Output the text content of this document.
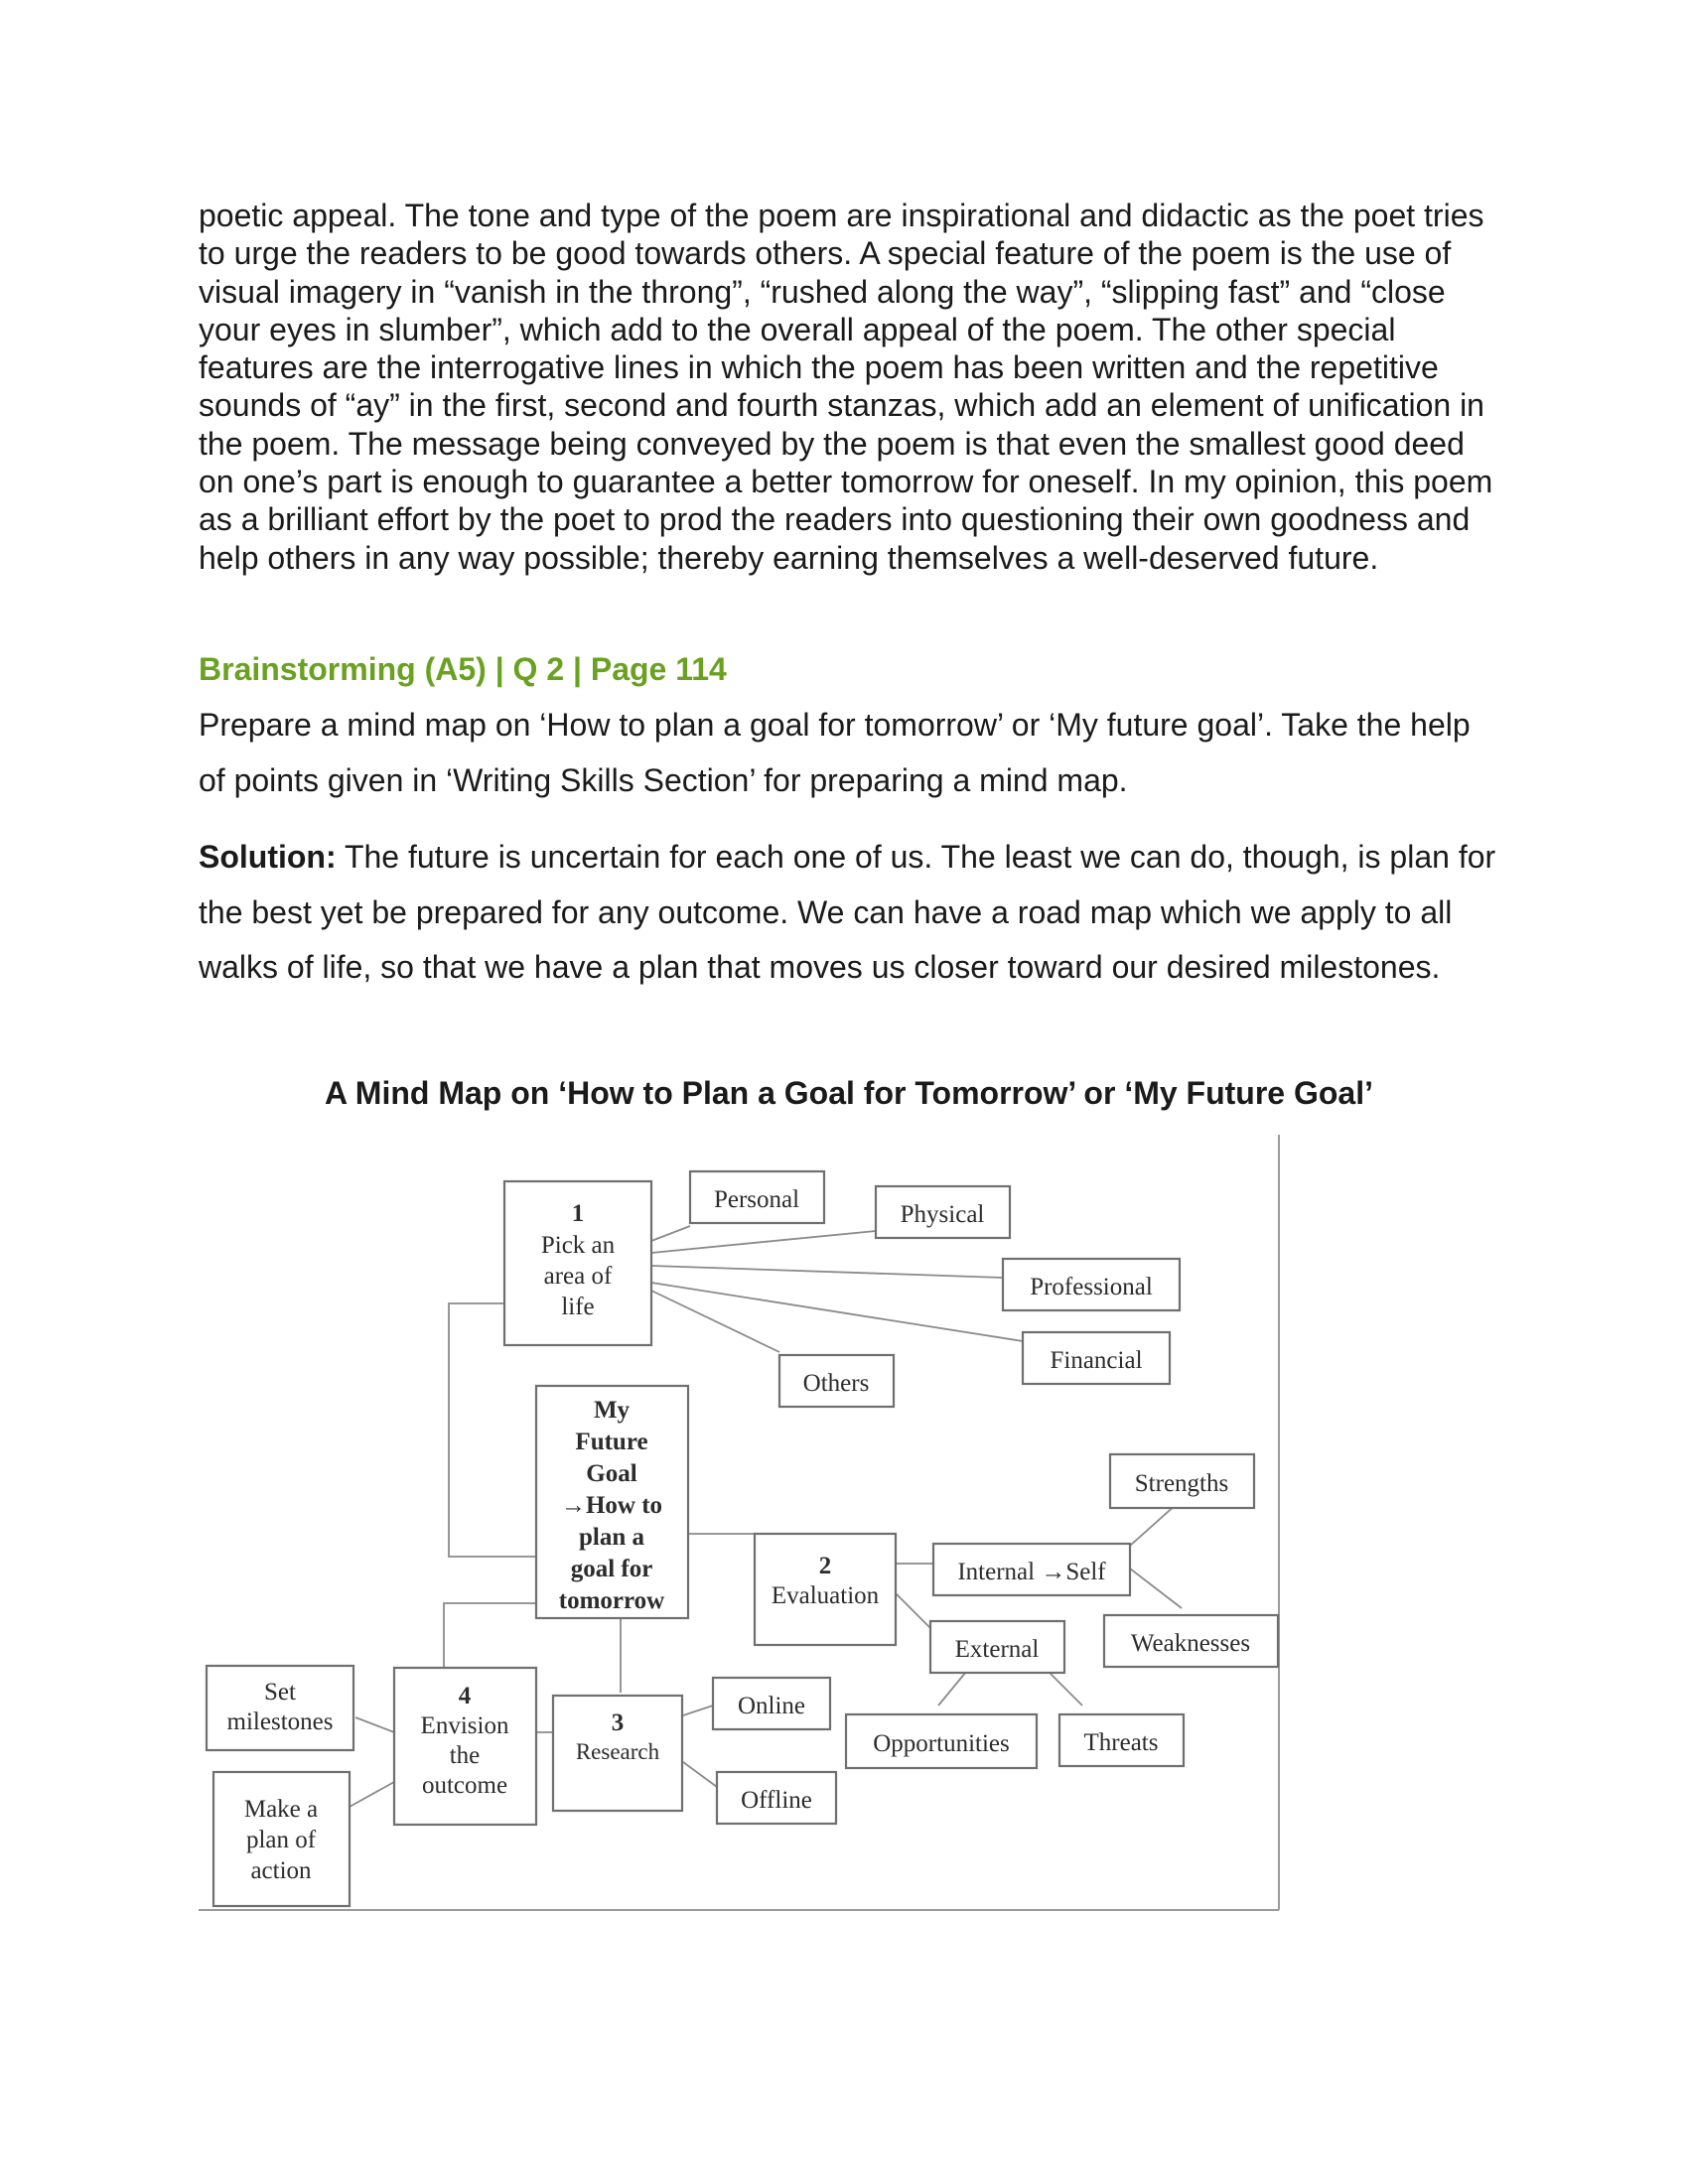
poetic appeal. The tone and type of the poem are inspirational and didactic as the poet tries to urge the readers to be good towards others. A special feature of the poem is the use of visual imagery in “vanish in the throng”, “rushed along the way”, “slipping fast” and “close your eyes in slumber”, which add to the overall appeal of the poem. The other special features are the interrogative lines in which the poem has been written and the repetitive sounds of “ay” in the first, second and fourth stanzas, which add an element of unification in the poem. The message being conveyed by the poem is that even the smallest good deed on one’s part is enough to guarantee a better tomorrow for oneself. In my opinion, this poem as a brilliant effort by the poet to prod the readers into questioning their own goodness and help others in any way possible; thereby earning themselves a well-deserved future.

Brainstorming (A5) | Q 2 | Page 114

Prepare a mind map on ‘How to plan a goal for tomorrow’ or ‘My future goal’. Take the help of points given in ‘Writing Skills Section’ for preparing a mind map.

Solution: The future is uncertain for each one of us. The least we can do, though, is plan for the best yet be prepared for any outcome. We can have a road map which we apply to all walks of life, so that we have a plan that moves us closer toward our desired milestones.

A Mind Map on ‘How to Plan a Goal for Tomorrow’ or ‘My Future Goal’

1
Pick an
area of
life
Personal
Physical
Professional
Financial
Others
My
Future
Goal
→How to
plan a
goal for
tomorrow
2
Evaluation
Internal →Self
Strengths
Weaknesses
External
Opportunities	Threats
3
Research
Online
Offline
4
Envision
the
outcome
Set
milestones
Make a
plan of
action
